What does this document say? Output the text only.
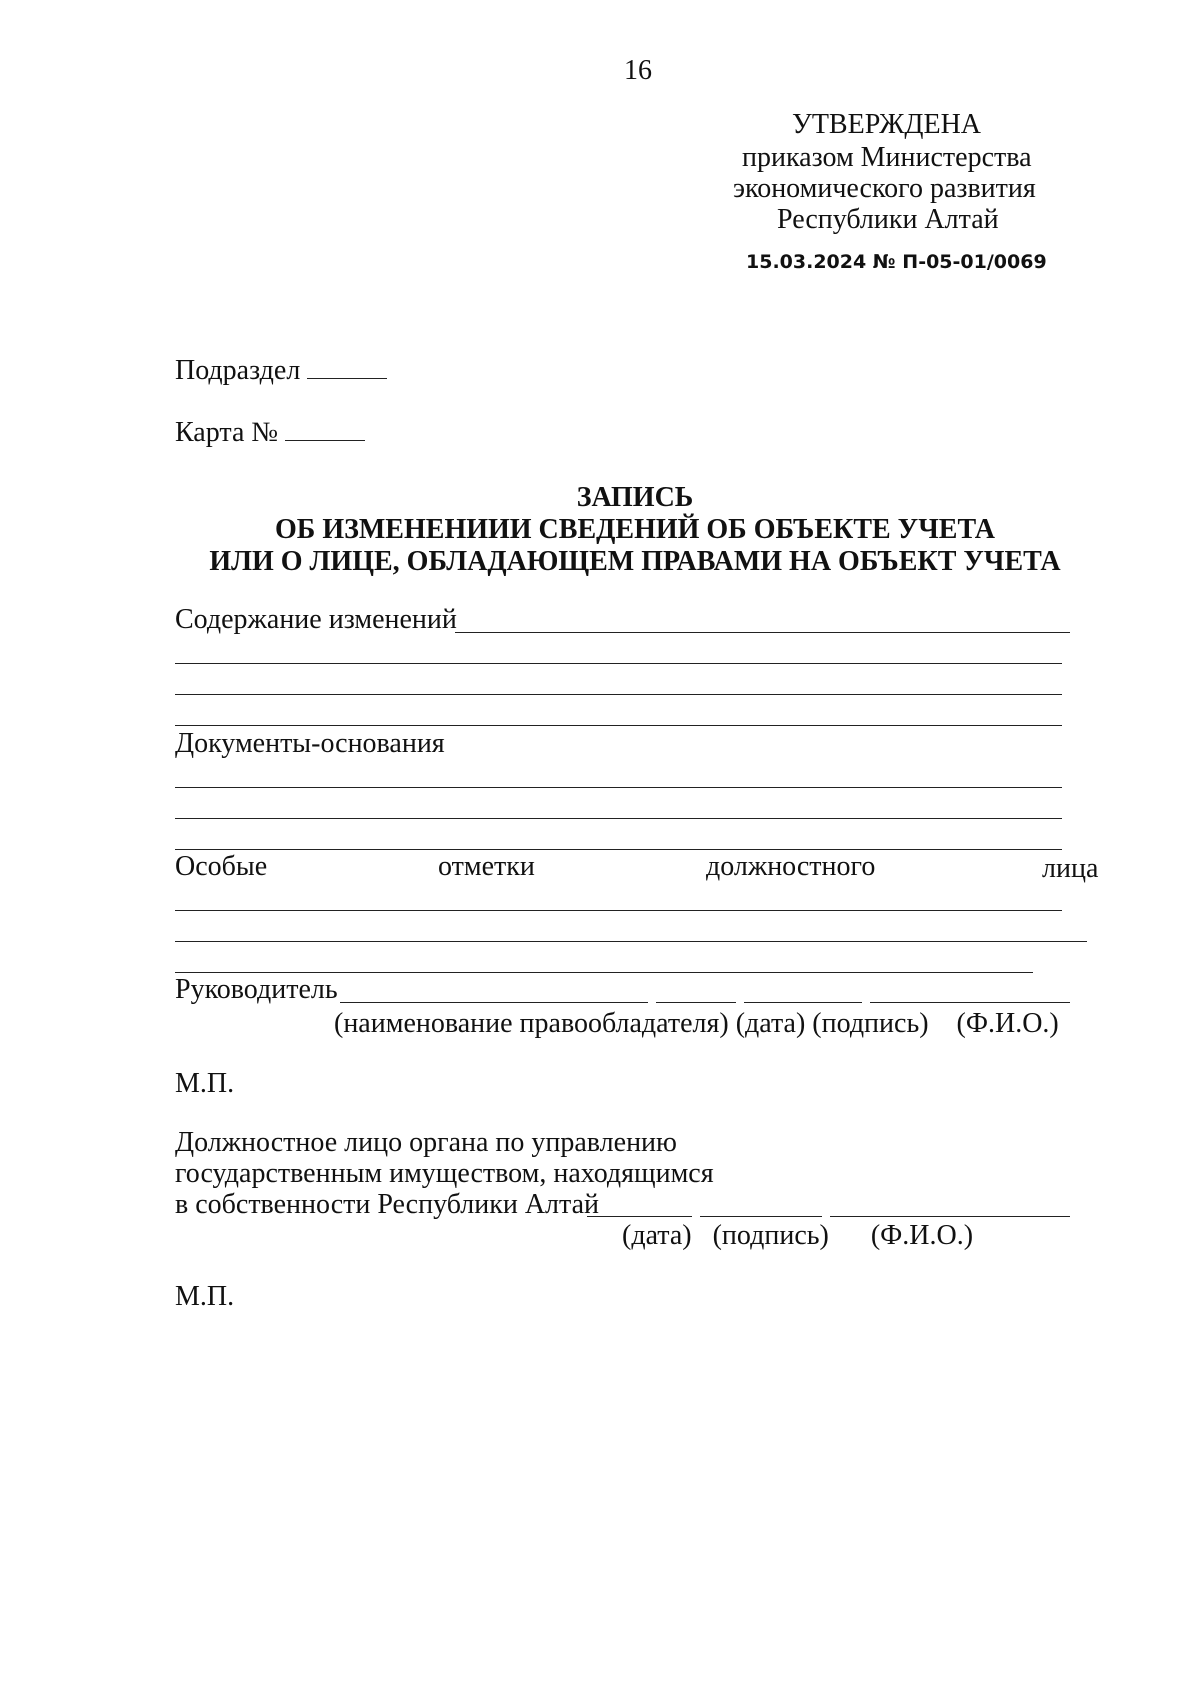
16
УТВЕРЖДЕНА
приказом Министерства
экономического развития
Республики Алтай
15.03.2024 № П-05-01/0069
Подраздел
Карта №
ЗАПИСЬ
ОБ ИЗМЕНЕНИИИ СВЕДЕНИЙ ОБ ОБЪЕКТЕ УЧЕТА
ИЛИ О ЛИЦЕ, ОБЛАДАЮЩЕМ ПРАВАМИ НА ОБЪЕКТ УЧЕТА
Содержание изменений
Документы-основания
Особые	отметки	должностного	лица
Руководитель
(наименование правообладателя) (дата) (подпись)    (Ф.И.О.)
М.П.
Должностное лицо органа по управлению
государственным имуществом, находящимся
в собственности Республики Алтай
(дата)   (подпись)      (Ф.И.О.)
М.П.
